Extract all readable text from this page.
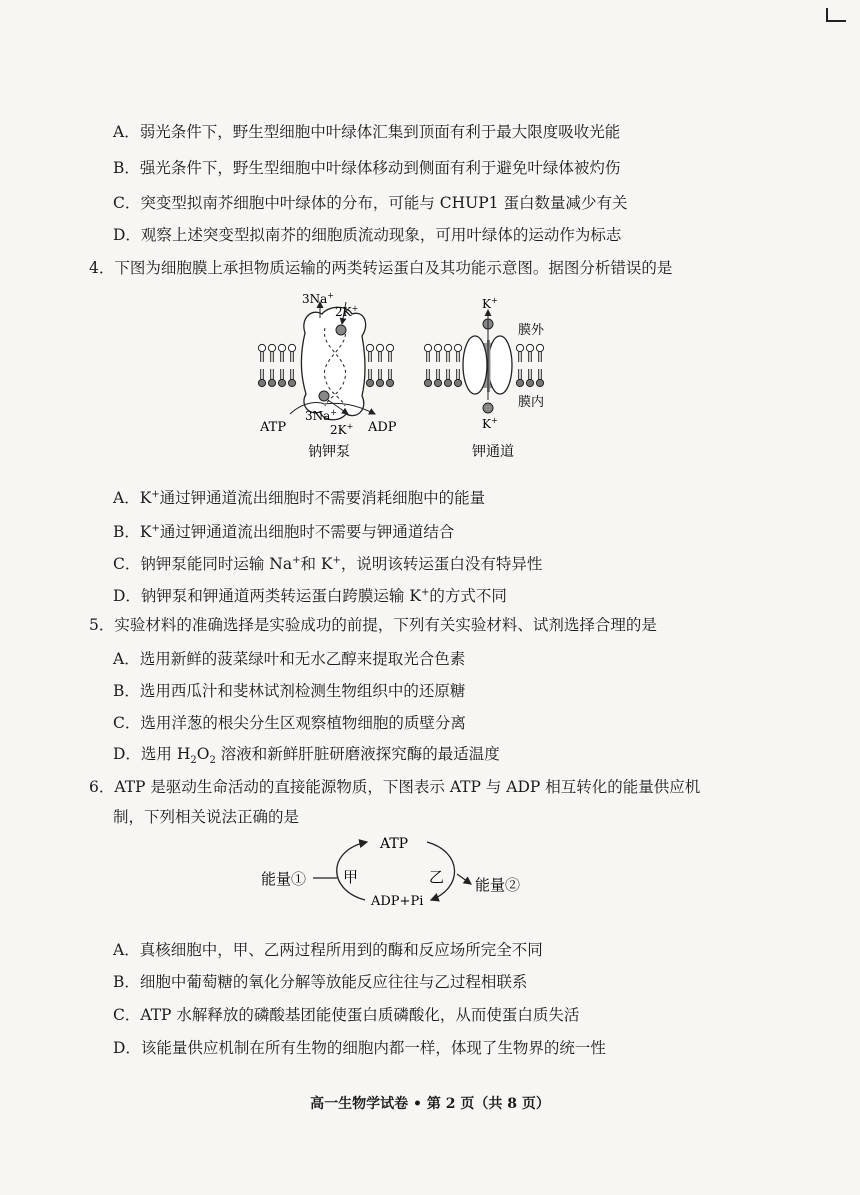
A．弱光条件下，野生型细胞中叶绿体汇集到顶面有利于最大限度吸收光能
B．强光条件下，野生型细胞中叶绿体移动到侧面有利于避免叶绿体被灼伤
C．突变型拟南芥细胞中叶绿体的分布，可能与 CHUP1 蛋白数量减少有关
D．观察上述突变型拟南芥的细胞质流动现象，可用叶绿体的运动作为标志
4．下图为细胞膜上承担物质运输的两类转运蛋白及其功能示意图。据图分析错误的是
3Na+
2K+
3Na+
2K+
ATP	ADP
钠钾泵
K+
K+
膜外
膜内
钾通道
A．K+通过钾通道流出细胞时不需要消耗细胞中的能量
B．K+通过钾通道流出细胞时不需要与钾通道结合
C．钠钾泵能同时运输 Na+和 K+，说明该转运蛋白没有特异性
D．钠钾泵和钾通道两类转运蛋白跨膜运输 K+的方式不同
5．实验材料的准确选择是实验成功的前提，下列有关实验材料、试剂选择合理的是
A．选用新鲜的菠菜绿叶和无水乙醇来提取光合色素
B．选用西瓜汁和斐林试剂检测生物组织中的还原糖
C．选用洋葱的根尖分生区观察植物细胞的质壁分离
D．选用 $H_2O_2$ 溶液和新鲜肝脏研磨液探究酶的最适温度
6．ATP 是驱动生命活动的直接能源物质，下图表示 ATP 与 ADP 相互转化的能量供应机
制，下列相关说法正确的是
ATP
ADP+Pi
能量①	能量②
甲	乙
A．真核细胞中，甲、乙两过程所用到的酶和反应场所完全不同
B．细胞中葡萄糖的氧化分解等放能反应往往与乙过程相联系
C．ATP 水解释放的磷酸基团能使蛋白质磷酸化，从而使蛋白质失活
D．该能量供应机制在所有生物的细胞内都一样，体现了生物界的统一性
高一生物学试卷 • 第 2 页（共 8 页）
